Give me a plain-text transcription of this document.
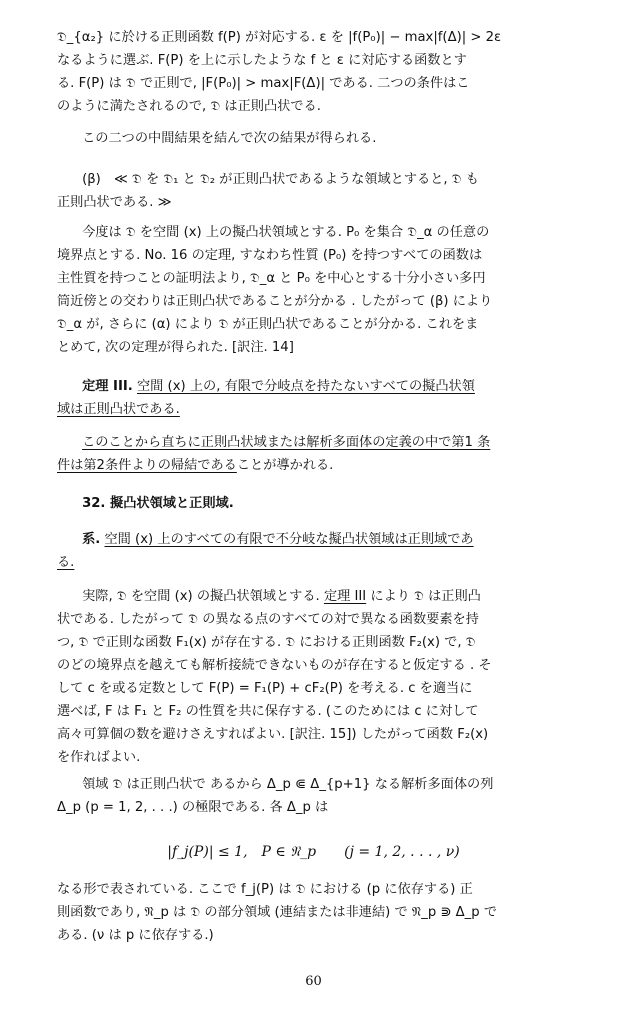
𝔇_{α₂} に於ける正則函数 f(P) が対応する. ε を |f(P₀)| − max|f(Δ)| > 2ε
なるように選ぶ. F(P) を上に示したような f と ε に対応する函数とす
る. F(P) は 𝔇 で正則で, |F(P₀)| > max|F(Δ)| である. 二つの条件はこ
のように満たされるので, 𝔇 は正則凸状でる.
この二つの中間結果を結んで次の結果が得られる.
(β)　≪ 𝔇 を 𝔇₁ と 𝔇₂ が正則凸状であるような領域とすると, 𝔇 も
正則凸状である. ≫
今度は 𝔇 を空間 (x) 上の擬凸状領域とする. P₀ を集合 𝔇_α の任意の
境界点とする. No. 16 の定理, すなわち性質 (P₀) を持つすべての函数は
主性質を持つことの証明法より, 𝔇_α と P₀ を中心とする十分小さい多円
筒近傍との交わりは正則凸状であることが分かる . したがって (β) により
𝔇_α が, さらに (α) により 𝔇 が正則凸状であることが分かる. これをま
とめて, 次の定理が得られた. [訳注. 14]
定理 III. 空間 (x) 上の, 有限で分岐点を持たないすべての擬凸状領
域は正則凸状である.
このことから直ちに正則凸状域または解析多面体の定義の中で第1 条
件は第2条件よりの帰結であることが導かれる.
32. 擬凸状領域と正則域.
系. 空間 (x) 上のすべての有限で不分岐な擬凸状領域は正則域であ
る.
実際, 𝔇 を空間 (x) の擬凸状領域とする. 定理 III により 𝔇 は正則凸
状である. したがって 𝔇 の異なる点のすべての対で異なる函数要素を持
つ, 𝔇 で正則な函数 F₁(x) が存在する. 𝔇 における正則函数 F₂(x) で, 𝔇
のどの境界点を越えても解析接続できないものが存在すると仮定する . そ
して c を或る定数として F(P) = F₁(P) + cF₂(P) を考える. c を適当に
選べば, F は F₁ と F₂ の性質を共に保存する. (このためには c に対して
高々可算個の数を避けさえすればよい. [訳注. 15]) したがって函数 F₂(x)
を作ればよい.
領域 𝔇 は正則凸状で あるから Δ_p ⋐ Δ_{p+1} なる解析多面体の列
Δ_p (p = 1, 2, . . .) の極限である. 各 Δ_p は
|f_j(P)| ≤ 1,　P ∈ 𝔑_p　　(j = 1, 2, . . . , ν)
なる形で表されている. ここで f_j(P) は 𝔇 における (p に依存する) 正
則函数であり, 𝔑_p は 𝔇 の部分領域 (連結または非連結) で 𝔑_p ⋑ Δ_p で
ある. (ν は p に依存する.)
60
